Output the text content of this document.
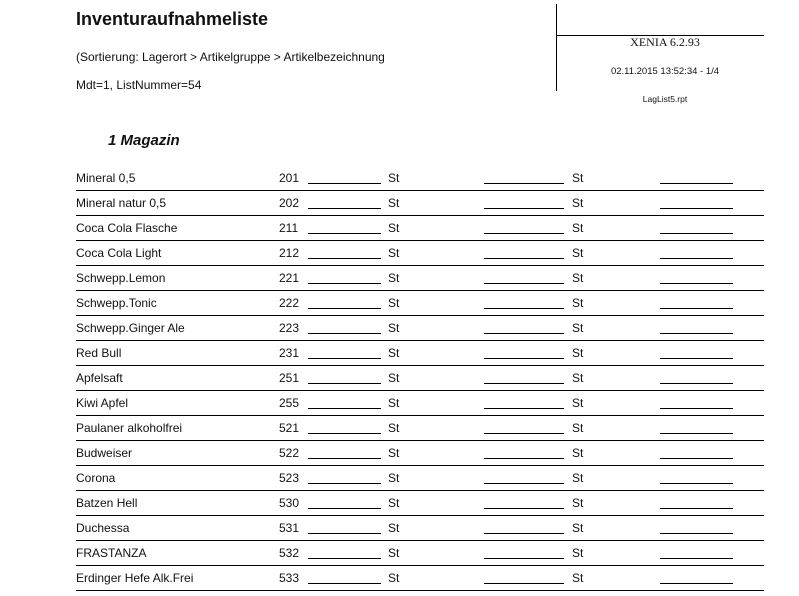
Inventuraufnahmeliste
(Sortierung: Lagerort > Artikelgruppe > Artikelbezeichnung
Mdt=1, ListNummer=54
XENIA 6.2.93
02.11.2015 13:52:34 - 1/4
LagList5.rpt
1 Magazin
Mineral 0,5	201	St	St
Mineral natur 0,5	202	St	St
Coca Cola Flasche	211	St	St
Coca Cola Light	212	St	St
Schwepp.Lemon	221	St	St
Schwepp.Tonic	222	St	St
Schwepp.Ginger Ale	223	St	St
Red Bull	231	St	St
Apfelsaft	251	St	St
Kiwi Apfel	255	St	St
Paulaner alkoholfrei	521	St	St
Budweiser	522	St	St
Corona	523	St	St
Batzen Hell	530	St	St
Duchessa	531	St	St
FRASTANZA	532	St	St
Erdinger Hefe Alk.Frei	533	St	St
